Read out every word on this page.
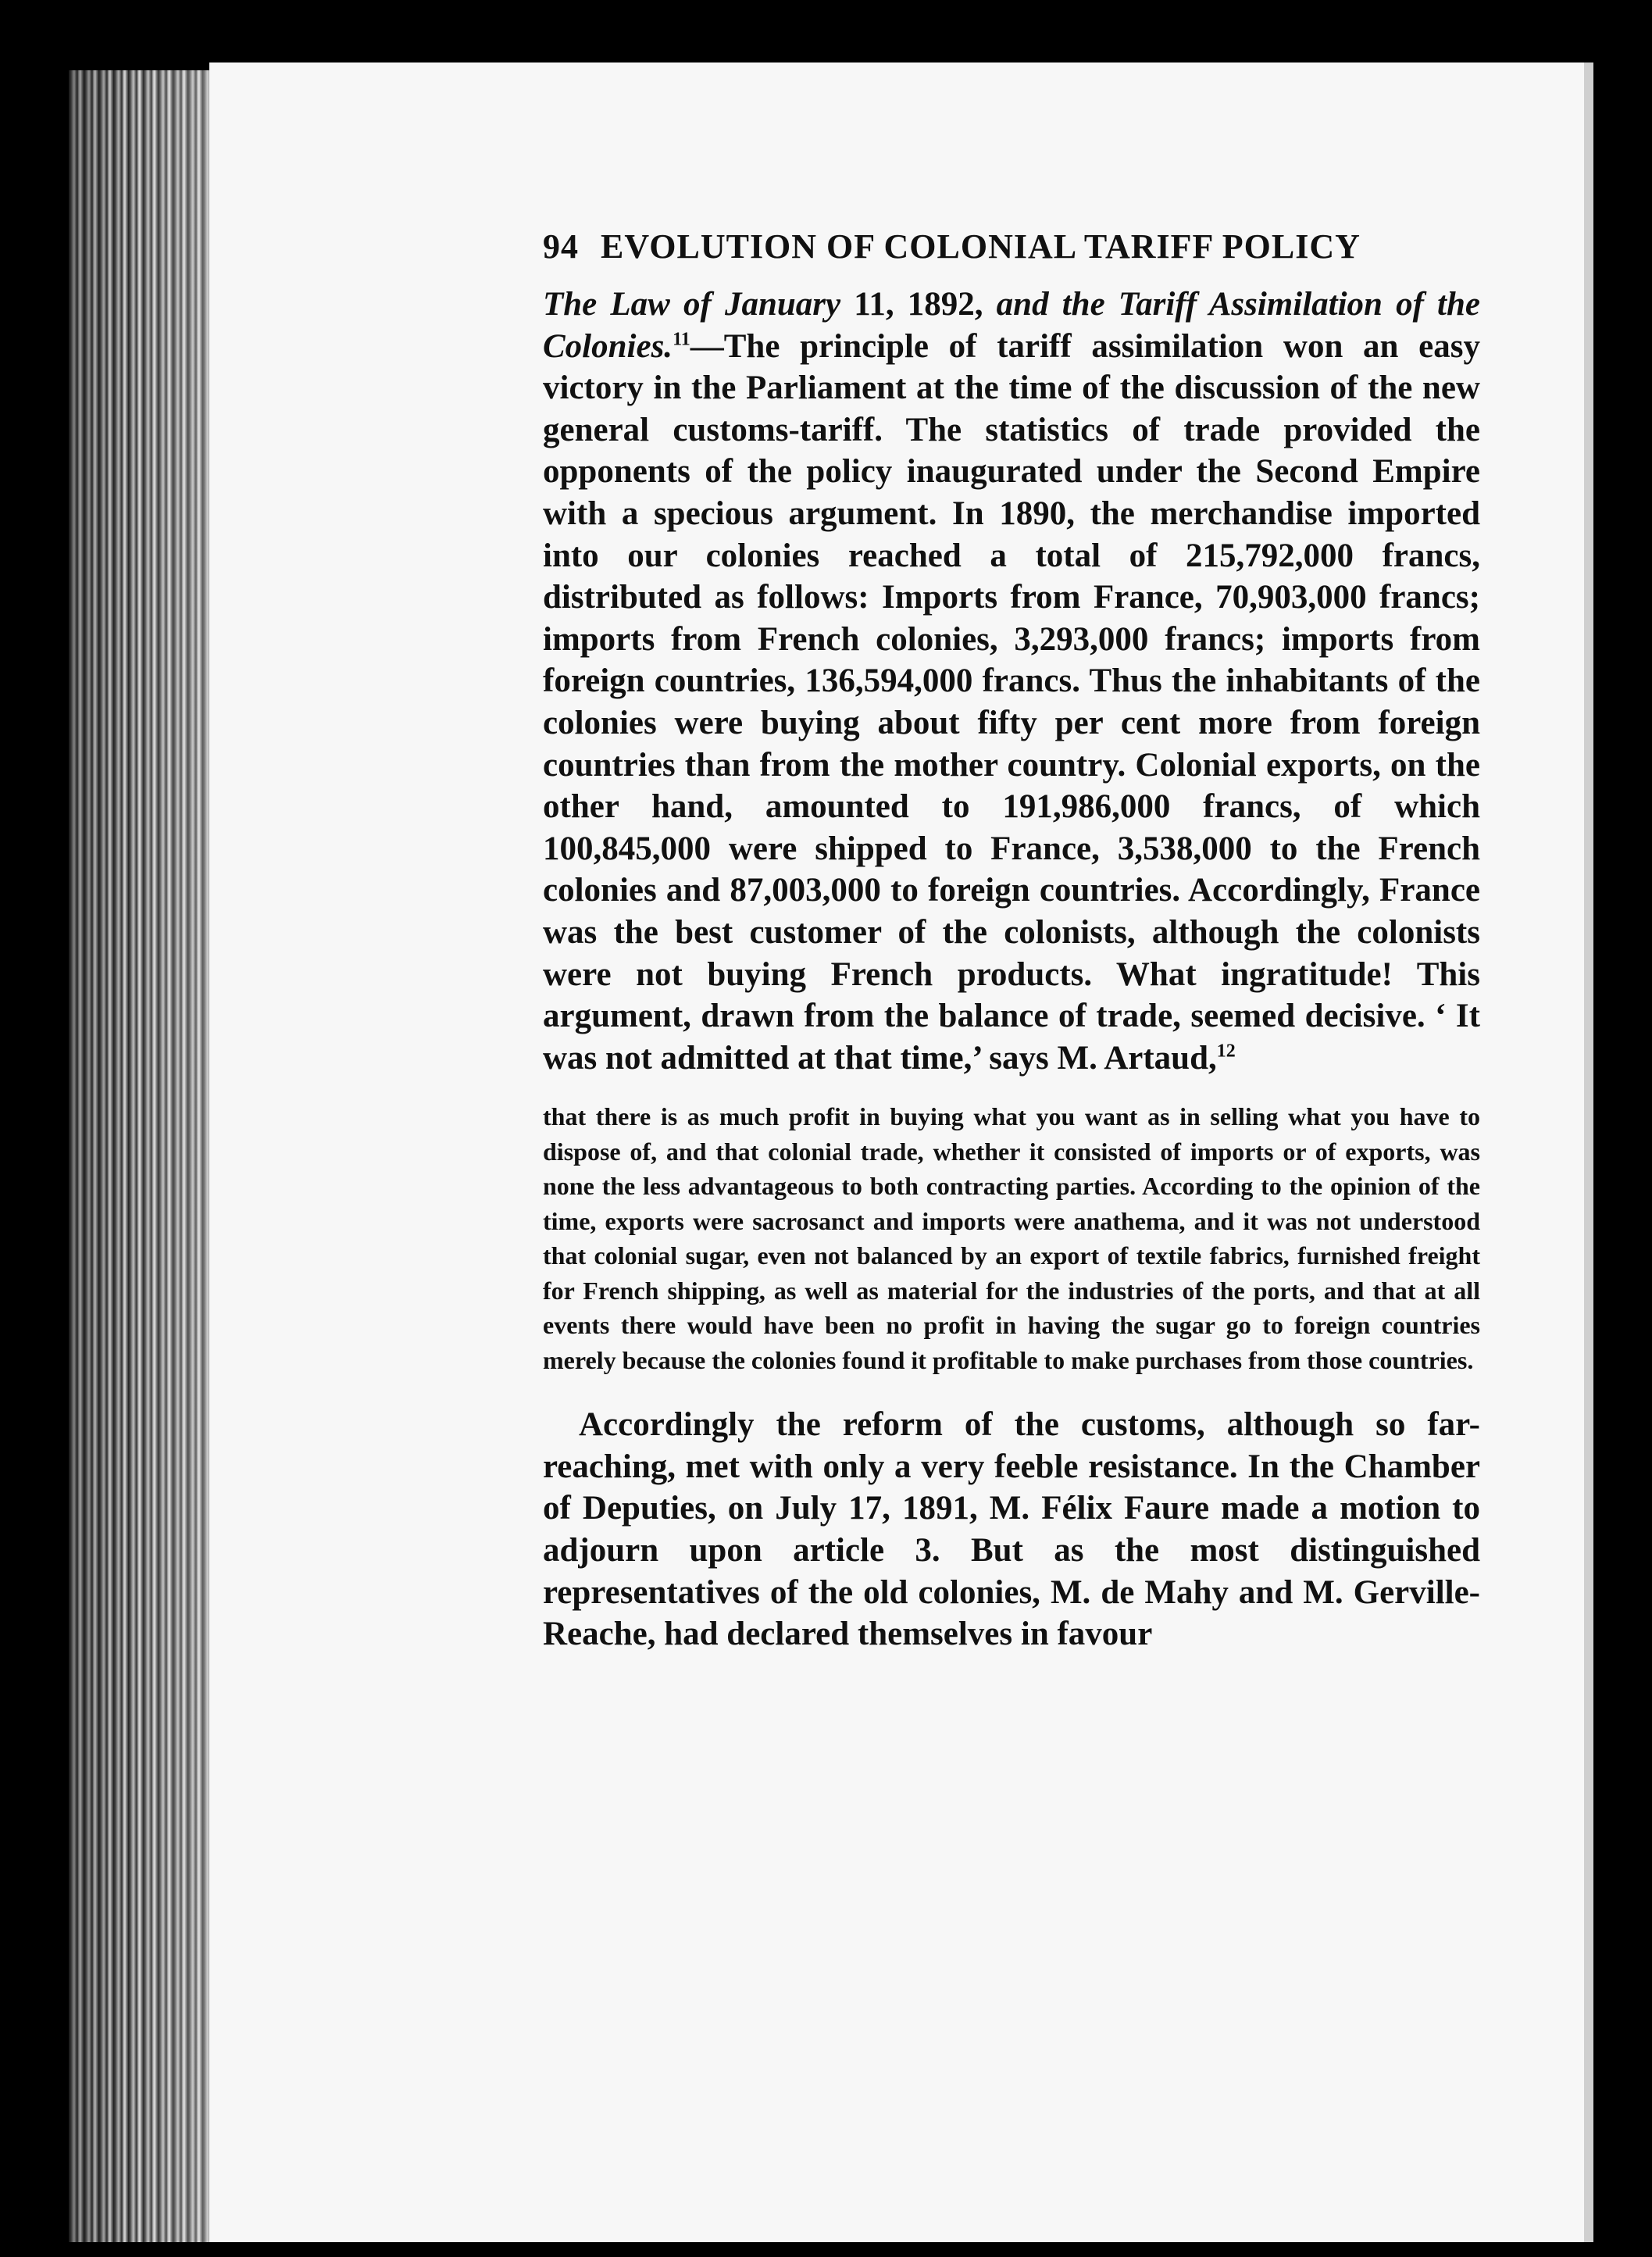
94 EVOLUTION OF COLONIAL TARIFF POLICY

The Law of January 11, 1892, and the Tariff Assimilation of the Colonies.$^{11}$—The principle of tariff assimilation won an easy victory in the Parliament at the time of the discussion of the new general customs-tariff. The statistics of trade provided the opponents of the policy inaugurated under the Second Empire with a specious argument. In 1890, the merchandise imported into our colonies reached a total of 215,792,000 francs, distributed as follows: Imports from France, 70,903,000 francs; imports from French colonies, 3,293,000 francs; imports from foreign countries, 136,594,000 francs. Thus the inhabitants of the colonies were buying about fifty per cent more from foreign countries than from the mother country. Colonial exports, on the other hand, amounted to 191,986,000 francs, of which 100,845,000 were shipped to France, 3,538,000 to the French colonies and 87,003,000 to foreign countries. Accordingly, France was the best customer of the colonists, although the colonists were not buying French products. What ingratitude! This argument, drawn from the balance of trade, seemed decisive. ‘ It was not admitted at that time,’ says M. Artaud,$^{12}$

that there is as much profit in buying what you want as in selling what you have to dispose of, and that colonial trade, whether it consisted of imports or of exports, was none the less advantageous to both contracting parties. According to the opinion of the time, exports were sacrosanct and imports were anathema, and it was not understood that colonial sugar, even not balanced by an export of textile fabrics, furnished freight for French shipping, as well as material for the industries of the ports, and that at all events there would have been no profit in having the sugar go to foreign countries merely because the colonies found it profitable to make purchases from those countries.

Accordingly the reform of the customs, although so far-reaching, met with only a very feeble resistance. In the Chamber of Deputies, on July 17, 1891, M. Félix Faure made a motion to adjourn upon article 3. But as the most distinguished representatives of the old colonies, M. de Mahy and M. Gerville-Reache, had declared themselves in favour
